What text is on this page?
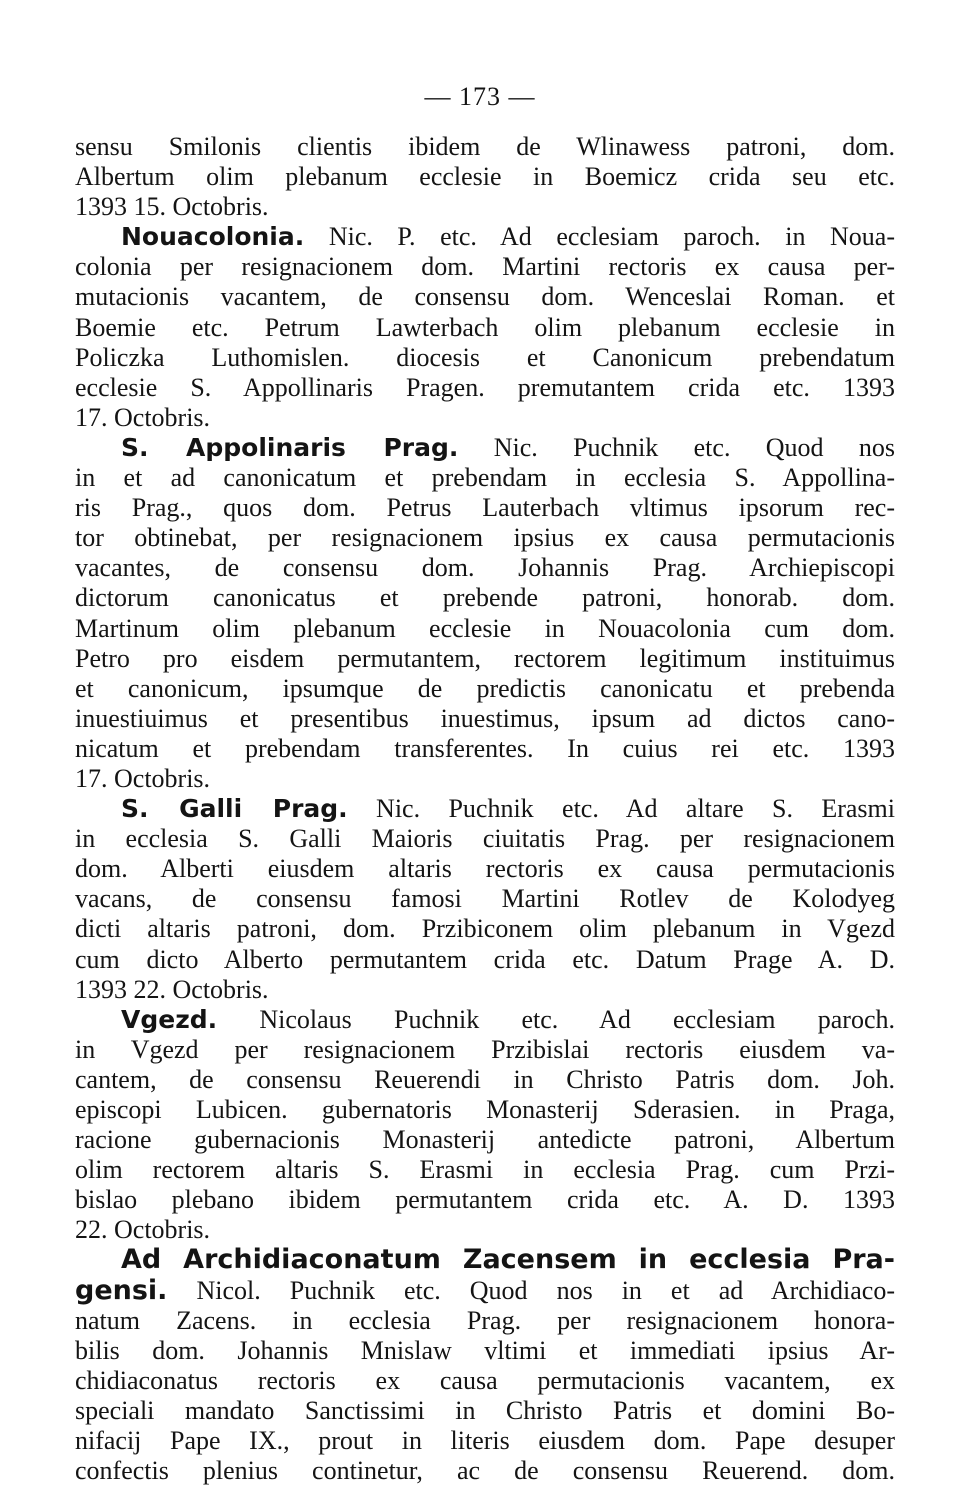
— 173 —
sensu Smilonis clientis ibidem de Wlinawess patroni, dom.
Albertum olim plebanum ecclesie in Boemicz crida seu etc.
1393 15. Octobris.
Nouacolonia. Nic. P. etc. Ad ecclesiam paroch. in Noua-
colonia per resignacionem dom. Martini rectoris ex causa per-
mutacionis vacantem, de consensu dom. Wenceslai Roman. et
Boemie etc. Petrum Lawterbach olim plebanum ecclesie in
Policzka Luthomislen. diocesis et Canonicum prebendatum
ecclesie S. Appollinaris Pragen. premutantem crida etc. 1393
17. Octobris.
S. Appolinaris Prag. Nic. Puchnik etc. Quod nos
in et ad canonicatum et prebendam in ecclesia S. Appollina-
ris Prag., quos dom. Petrus Lauterbach vltimus ipsorum rec-
tor obtinebat, per resignacionem ipsius ex causa permutacionis
vacantes, de consensu dom. Johannis Prag. Archiepiscopi
dictorum canonicatus et prebende patroni, honorab. dom.
Martinum olim plebanum ecclesie in Nouacolonia cum dom.
Petro pro eisdem permutantem, rectorem legitimum instituimus
et canonicum, ipsumque de predictis canonicatu et prebenda
inuestiuimus et presentibus inuestimus, ipsum ad dictos cano-
nicatum et prebendam transferentes. In cuius rei etc. 1393
17. Octobris.
S. Galli Prag. Nic. Puchnik etc. Ad altare S. Erasmi
in ecclesia S. Galli Maioris ciuitatis Prag. per resignacionem
dom. Alberti eiusdem altaris rectoris ex causa permutacionis
vacans, de consensu famosi Martini Rotlev de Kolodyeg
dicti altaris patroni, dom. Przibiconem olim plebanum in Vgezd
cum dicto Alberto permutantem crida etc. Datum Prage A. D.
1393 22. Octobris.
Vgezd. Nicolaus Puchnik etc. Ad ecclesiam paroch.
in Vgezd per resignacionem Przibislai rectoris eiusdem va-
cantem, de consensu Reuerendi in Christo Patris dom. Joh.
episcopi Lubicen. gubernatoris Monasterij Sderasien. in Praga,
racione gubernacionis Monasterij antedicte patroni, Albertum
olim rectorem altaris S. Erasmi in ecclesia Prag. cum Przi-
bislao plebano ibidem permutantem crida etc. A. D. 1393
22. Octobris.
Ad Archidiaconatum Zacensem in ecclesia Pra-
gensi. Nicol. Puchnik etc. Quod nos in et ad Archidiaco-
natum Zacens. in ecclesia Prag. per resignacionem honora-
bilis dom. Johannis Mnislaw vltimi et immediati ipsius Ar-
chidiaconatus rectoris ex causa permutacionis vacantem, ex
speciali mandato Sanctissimi in Christo Patris et domini Bo-
nifacij Pape IX., prout in literis eiusdem dom. Pape desuper
confectis plenius continetur, ac de consensu Reuerend. dom.
